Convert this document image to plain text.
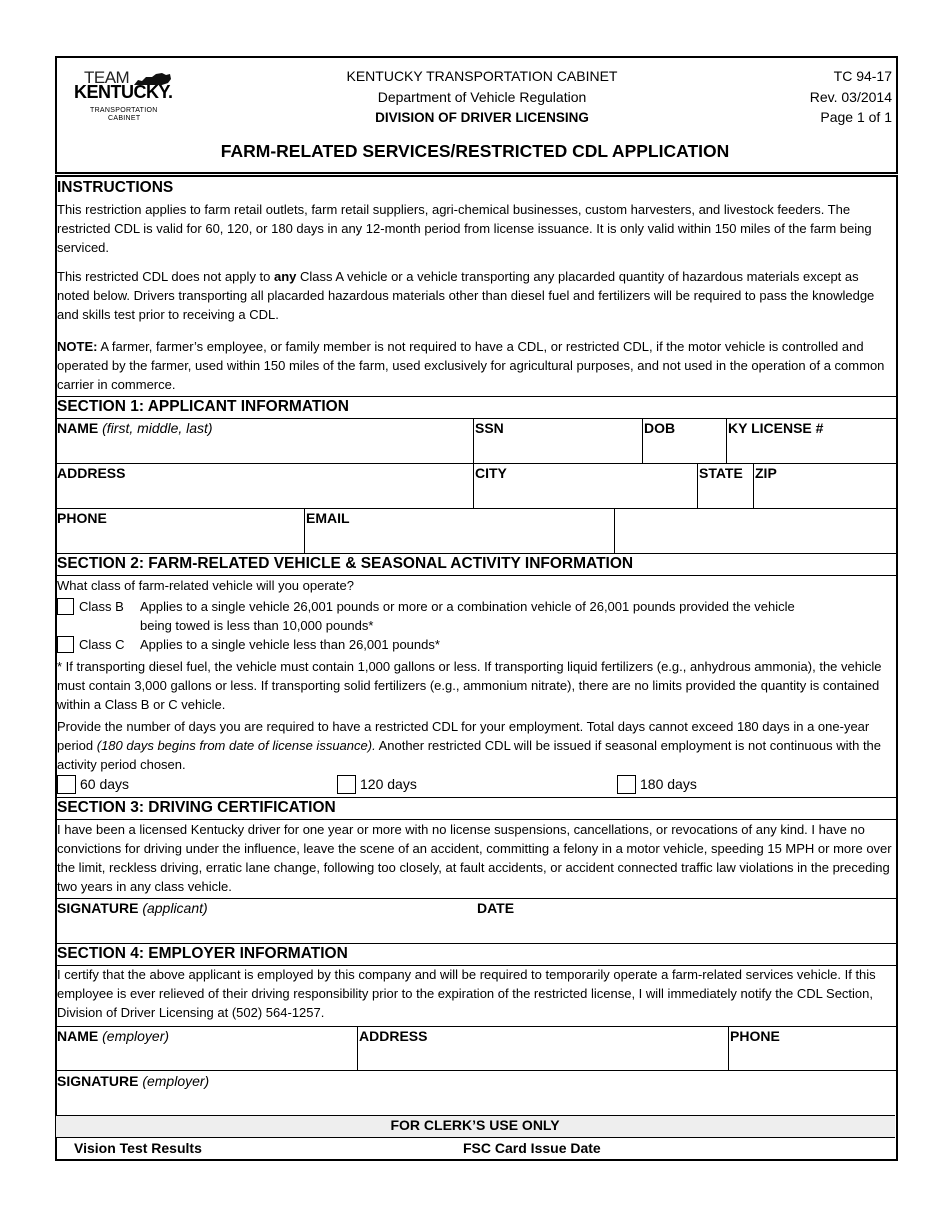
TEAM
KENTUCKY.
TRANSPORTATION
CABINET
KENTUCKY TRANSPORTATION CABINET
Department of Vehicle Regulation
DIVISION OF DRIVER LICENSING
TC 94-17
Rev. 03/2014
Page 1 of 1
FARM-RELATED SERVICES/RESTRICTED CDL APPLICATION
INSTRUCTIONS
This restriction applies to farm retail outlets, farm retail suppliers, agri-chemical businesses, custom harvesters, and livestock feeders. The restricted CDL is valid for 60, 120, or 180 days in any 12-month period from license issuance. It is only valid within 150 miles of the farm being serviced.
This restricted CDL does not apply to any Class A vehicle or a vehicle transporting any placarded quantity of hazardous materials except as noted below. Drivers transporting all placarded hazardous materials other than diesel fuel and fertilizers will be required to pass the knowledge and skills test prior to receiving a CDL.
NOTE: A farmer, farmer’s employee, or family member is not required to have a CDL, or restricted CDL, if the motor vehicle is controlled and operated by the farmer, used within 150 miles of the farm, used exclusively for agricultural purposes, and not used in the operation of a common carrier in commerce.
SECTION 1: APPLICANT INFORMATION
NAME (first, middle, last)	SSN	DOB	KY LICENSE #
ADDRESS	CITY	STATE ZIP
PHONE	EMAIL
SECTION 2: FARM-RELATED VEHICLE & SEASONAL ACTIVITY INFORMATION
What class of farm-related vehicle will you operate?
Class B Applies to a single vehicle 26,001 pounds or more or a combination vehicle of 26,001 pounds provided the vehicle
being towed is less than 10,000 pounds*
Class C Applies to a single vehicle less than 26,001 pounds*
* If transporting diesel fuel, the vehicle must contain 1,000 gallons or less. If transporting liquid fertilizers (e.g., anhydrous ammonia), the vehicle must contain 3,000 gallons or less. If transporting solid fertilizers (e.g., ammonium nitrate), there are no limits provided the quantity is contained within a Class B or C vehicle.
Provide the number of days you are required to have a restricted CDL for your employment. Total days cannot exceed 180 days in a one-year period (180 days begins from date of license issuance). Another restricted CDL will be issued if seasonal employment is not continuous with the activity period chosen.
60 days	120 days	180 days
SECTION 3: DRIVING CERTIFICATION
I have been a licensed Kentucky driver for one year or more with no license suspensions, cancellations, or revocations of any kind. I have no convictions for driving under the influence, leave the scene of an accident, committing a felony in a motor vehicle, speeding 15 MPH or more over the limit, reckless driving, erratic lane change, following too closely, at fault accidents, or accident connected traffic law violations in the preceding two years in any class vehicle.
SIGNATURE (applicant)	DATE
SECTION 4: EMPLOYER INFORMATION
I certify that the above applicant is employed by this company and will be required to temporarily operate a farm-related services vehicle. If this employee is ever relieved of their driving responsibility prior to the expiration of the restricted license, I will immediately notify the CDL Section, Division of Driver Licensing at (502) 564-1257.
NAME (employer)	ADDRESS	PHONE
SIGNATURE (employer)
FOR CLERK’S USE ONLY
Vision Test Results	FSC Card Issue Date
